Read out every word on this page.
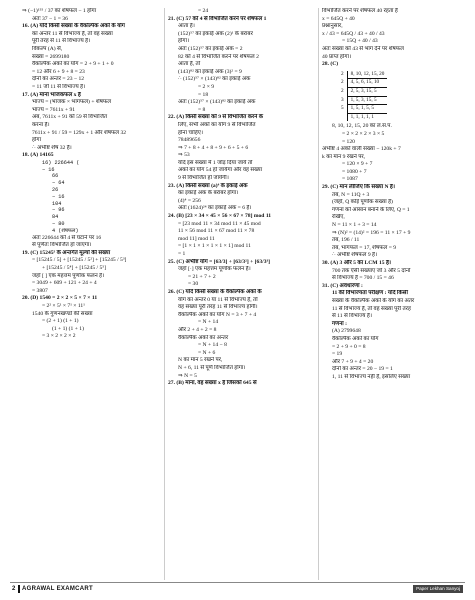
⇒ (−1)¹⁵⁵ / 37 का शेषफल − 1 होगा
अतः 37 − 1 = 36
16. (A) यदि किसी संख्या के वैकल्पिक अंकों के योग
का अन्तर 11 से विभाज्य है, तो वह संख्या
पूरी तरह से 11 से विभाज्य है।
विकल्प (A) से,
संख्या = 2699180
वैकल्पिक अंकों का योग = 2 + 9 + 1 + 0
= 12 और 6 + 9 + 8 = 23
दोनों का अन्तर = 23 − 12
= 11 जो 11 से विभाज्य है।
17. (A) माना भाजकफल x है
भाज्य = (भाजक × भागफल) + शेषफल
भाज्य = 7611x + 91
अब, 7611x + 91 को 59 से विभाजित
करना है।
7611x + 91 / 59 = 129x + 1 और शेषफल 32
होगा
∴ अभीष्ट शेष 32 है।
18. (A) 14165
16) 226644 (
− 16
66
− 64
26
− 16
104
− 96
84
− 80
4 (शेषफल)
अतः 226644 को 4 से घटाने पर 16
से पूर्णतः विभाजित हो जाएगा।
19. (C) 15245⁵ के अन्तर्गत मूल्यों की संख्या
= [15245 / 5] + [15245 / 5²] + [15245 / 5³]
+ [15245 / 5⁴] + [15245 / 5⁵]
जहाँ [ ] एक महत्तम पूर्णांक फलन है।
= 3049 + 609 + 121 + 24 + 4
= 3807
20. (D) 1540 = 2 × 2 × 5 × 7 × 11
= 2² × 5¹ × 7¹ × 11¹
1540 के गुणनखण्डों की संख्या
= (2 + 1) (1 + 1)
(1 + 1) (1 + 1)
= 3 × 2 × 2 × 2
= 24
21. (C) 57 को 4 से विभाजित करने पर शेषफल 1
आता है।
(152)⁵⁷ का इकाई अंक (2)¹ के बराबर
होगा।
अतः (152)⁵⁷ का इकाई अंक = 2
82 को 4 से विभाजित करने पर शेषफल 2
आता है, तो
(143)⁸² का इकाई अंक (3)² = 9
∴ (152)⁵⁷ × (143)⁸² का इकाई अंक
= 2 × 9
= 18
अतः (152)⁵⁷ × (143)⁸² का इकाई अंक
= 8
22. (A) किसी संख्या को 9 से विभाजित करने के
लिए, सभी अंकों का योग 9 से विभाजित
होना चाहिए।
78489656
⇒ 7 + 8 + 4 + 8 + 9 + 6 + 5 + 6
⇒ 53
यदि इस संख्या में 1 जोड़ दिया जाये तो
अंकों का योग 54 हो जायेगा और वह संख्या
9 से विभाजित हो जायेगी।
23. (A) किसी संख्या (a)⁴ के इकाई अंक
का इकाई अंक के बराबर होगा।
(4)⁴ = 256
अतः (1624)²⁴ का इकाई अंक = 6 है।
24. (B) [23 × 34 × 45 × 56 × 67 × 78] mod 11
= [23 mod 11 × 34 mod 11 × 45 mod
11 × 56 mod 11 × 67 mod 11 × 78
mod 11] mod 11
= [1 × 1 × 1 × 1 × 1 × 1] mod 11
= 1
25. (C) अभीष्ट योग = [63/3] + [63/3²] + [63/3³]
जहाँ [·] एक महत्तम पूर्णांक फलन है।
= 21 + 7 + 2
= 30
26. (C) यदि किसी संख्या के वैकल्पिक अंकों के
योग का अन्तर 0 या 11 से विभाज्य है, तो
वह संख्या पूरी तरह 11 से विभाज्य होगी।
वैकल्पिक अंकों का योग N = 3 + 7 + 4
= N + 14
और 2 + 4 + 2 = 8
वैकल्पिक अंकों का अन्तर
= N + 14 − 8
= N + 6
N का मान 5 रखने पर,
N + 6, 11 से पूर्ण विभाजित होगा।
⇒ N = 5
27. (B) माना, वह संख्या x है जिसको 645 से
विभाजित करने पर शेषफल 40 रहता है
x = 645Q + 40
प्रश्नानुसार,
x / 43 = 645Q / 43 + 40 / 43
= 15Q + 40 / 43
अतः संख्या को 43 से भाग देने पर शेषफल
40 प्राप्त होगा।
28. (C)
2	8, 10, 12, 15, 20
2	4, 5, 6, 15, 10
2	2, 5, 3, 15, 5
3	1, 5, 3, 15, 5
5	1, 5, 1, 5, 5
	1, 1, 1, 1, 1
8, 10, 12, 15, 20 का ल.स.प.
= 2 × 2 × 2 × 3 × 5
= 120
अभीष्ट 4 अंकों वाली संख्या − 120k + 7
k का मान 9 रखने पर,
= 120 × 9 + 7
= 1080 + 7
= 1087
29. (C) मान लीजिए कि संख्या N है।
तब, N = 11Q + 3
(जहाँ, Q कोई पूर्णांक संख्या है)
गणना को आसान बनाने के लिए, Q = 1
रखिए,
N = 11 × 1 + 3 = 14
⇒ (N)² = (14)² = 196 = 11 × 17 + 9
तब, 196 / 11
तब, भागफल = 17, शेषफल = 9
∴ अभीष्ट शेषफल 9 है।
30. (A) 3 और 5 का LCM 15 है।
700 तक ऐसी संख्याएं जो 3 और 5 दोनों
से विभाज्य है = 700 / 15 = 46
31. (C) अवधारणा :
11 की विभाज्यता परीक्षण : यदि किसी
संख्या के वैकल्पिक अंकों के योग का अंतर
11 से विभाज्य है, तो वह संख्या पूरी तरह
से 11 से विभाज्य है।
गणना :
(A) 2799648
वैकल्पिक अंकों का योग
= 2 + 9 + 0 = 8
= 19
और 7 + 9 + 4 = 20
दोनों का अन्तर = 20 − 19 = 1
1, 11 से विभाज्य नहीं है, इसलिए संख्या
2 AGRAWAL EXAMCART	Paper Lekhan Sanyoj
